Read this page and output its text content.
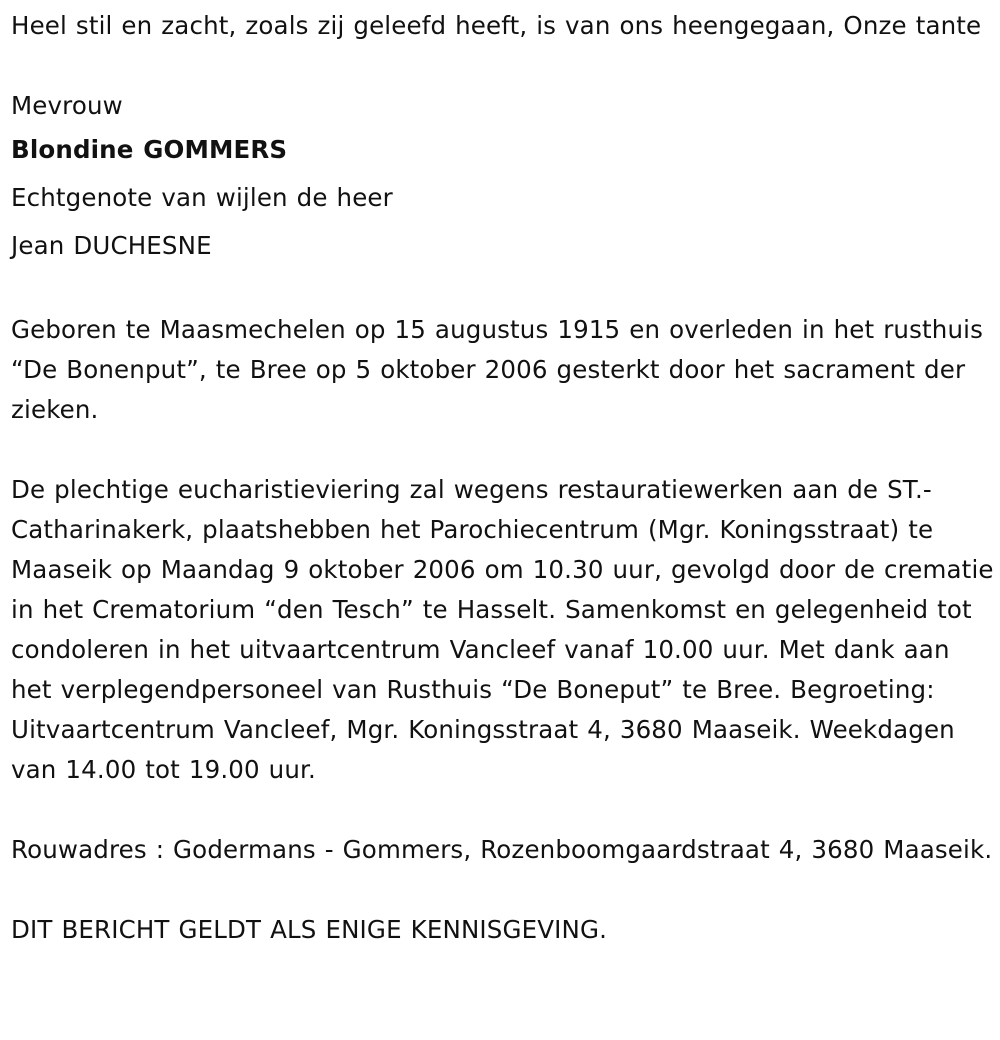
Heel stil en zacht, zoals zij geleefd heeft, is van ons heengegaan, Onze tante

Mevrouw

Blondine GOMMERS

Echtgenote van wijlen de heer

Jean DUCHESNE

Geboren te Maasmechelen op 15 augustus 1915 en overleden in het rusthuis “De Bonenput”, te Bree op 5 oktober 2006 gesterkt door het sacrament der zieken.

De plechtige eucharistieviering zal wegens restauratiewerken aan de ST.-Catharinakerk, plaatshebben het Parochiecentrum (Mgr. Koningsstraat) te Maaseik op Maandag 9 oktober 2006 om 10.30 uur, gevolgd door de crematie in het Crematorium “den Tesch” te Hasselt. Samenkomst en gelegenheid tot condoleren in het uitvaartcentrum Vancleef vanaf 10.00 uur. Met dank aan het verplegendpersoneel van Rusthuis “De Boneput” te Bree. Begroeting: Uitvaartcentrum Vancleef, Mgr. Koningsstraat 4, 3680 Maaseik. Weekdagen van 14.00 tot 19.00 uur.

Rouwadres : Godermans - Gommers, Rozenboomgaardstraat 4, 3680 Maaseik.

DIT BERICHT GELDT ALS ENIGE KENNISGEVING.
